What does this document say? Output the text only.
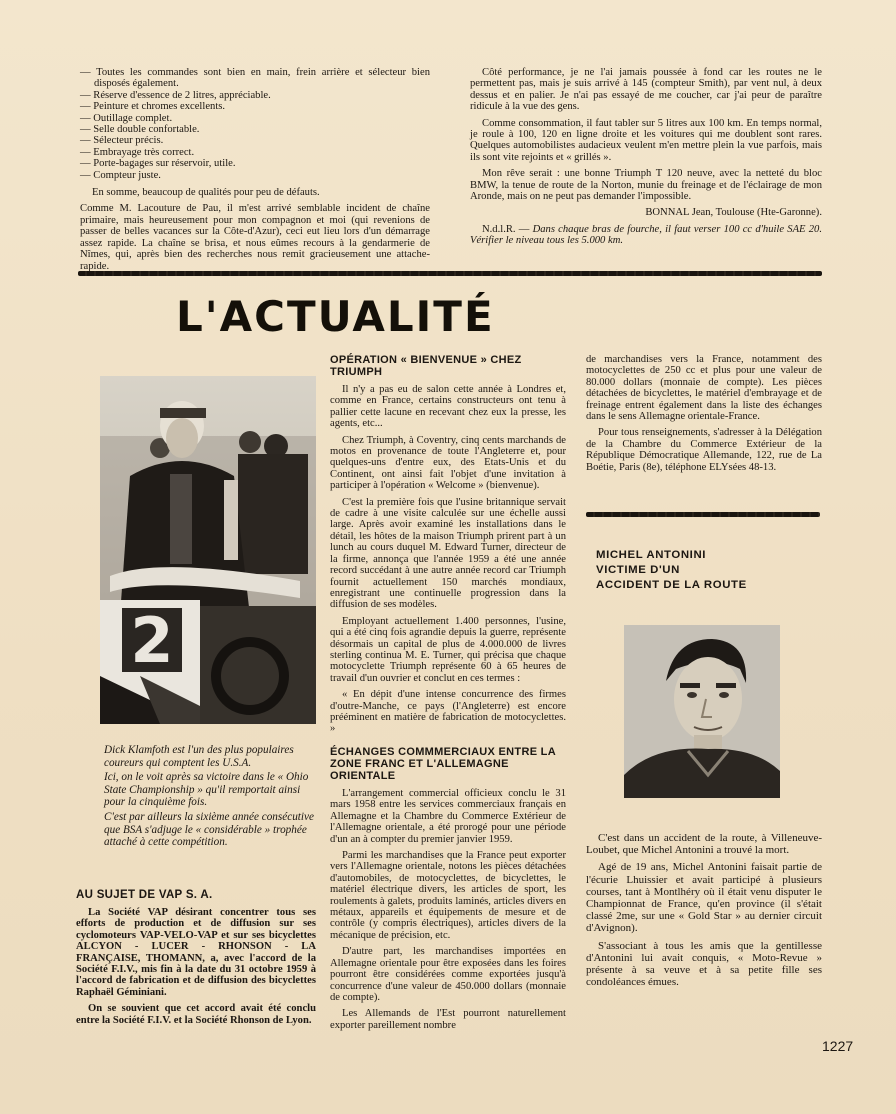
— Toutes les commandes sont bien en main, frein arrière et sélecteur bien disposés également.
— Réserve d'essence de 2 litres, appréciable.
— Peinture et chromes excellents.
— Outillage complet.
— Selle double confortable.
— Sélecteur précis.
— Embrayage très correct.
— Porte-bagages sur réservoir, utile.
— Compteur juste.

En somme, beaucoup de qualités pour peu de défauts.

Comme M. Lacouture de Pau, il m'est arrivé semblable incident de chaîne primaire, mais heureusement pour mon compagnon et moi (qui revenions de passer de belles vacances sur la Côte-d'Azur), ceci eut lieu lors d'un démarrage assez rapide. La chaîne se brisa, et nous eûmes recours à la gendarmerie de Nîmes, qui, après bien des recherches nous remit gracieusement une attache-rapide.

Côté performance, je ne l'ai jamais poussée à fond car les routes ne le permettent pas, mais je suis arrivé à 145 (compteur Smith), par vent nul, à deux dessus et en palier. Je n'ai pas essayé de me coucher, car j'ai peur de paraître ridicule à la vue des gens.

Comme consommation, il faut tabler sur 5 litres aux 100 km. En temps normal, je roule à 100, 120 en ligne droite et les voitures qui me doublent sont rares. Quelques automobilistes audacieux veulent m'en mettre plein la vue parfois, mais ils sont vite rejoints et « grillés ».

Mon rêve serait : une bonne Triumph T 120 neuve, avec la netteté du bloc BMW, la tenue de route de la Norton, munie du freinage et de l'éclairage de mon Aronde, mais on ne peut pas demander l'impossible.

BONNAL Jean, Toulouse (Hte-Garonne).

N.d.l.R. — Dans chaque bras de fourche, il faut verser 100 cc d'huile SAE 20. Vérifier le niveau tous les 5.000 km.

L'ACTUALITÉ
2

Dick Klamfoth est l'un des plus populaires coureurs qui comptent les U.S.A.

Ici, on le voit après sa victoire dans le « Ohio State Championship » qu'il remportait ainsi pour la cinquième fois.

C'est par ailleurs la sixième année consécutive que BSA s'adjuge le « considérable » trophée attaché à cette compétition.

AU SUJET DE VAP S. A.

La Société VAP désirant concentrer tous ses efforts de production et de diffusion sur ses cyclomoteurs VAP-VELO-VAP et sur ses bicyclettes ALCYON - LUCER - RHONSON - LA FRANÇAISE, THOMANN, a, avec l'accord de la Société F.I.V., mis fin à la date du 31 octobre 1959 à l'accord de fabrication et de diffusion des bicyclettes Raphaël Géminiani.

On se souvient que cet accord avait été conclu entre la Société F.I.V. et la Société Rhonson de Lyon.

OPÉRATION « BIENVENUE » CHEZ TRIUMPH

Il n'y a pas eu de salon cette année à Londres et, comme en France, certains constructeurs ont tenu à pallier cette lacune en recevant chez eux la presse, les agents, etc...

Chez Triumph, à Coventry, cinq cents marchands de motos en provenance de toute l'Angleterre et, pour quelques-uns d'entre eux, des Etats-Unis et du Continent, ont ainsi fait l'objet d'une invitation à participer à l'opération « Welcome » (bienvenue).

C'est la première fois que l'usine britannique servait de cadre à une visite calculée sur une échelle aussi large. Après avoir examiné les installations dans le détail, les hôtes de la maison Triumph prirent part à un lunch au cours duquel M. Edward Turner, directeur de la firme, annonça que l'année 1959 a été une année record succédant à une autre année record car Triumph fournit actuellement 150 marchés mondiaux, enregistrant une continuelle progression dans la diffusion de ses modèles.

Employant actuellement 1.400 personnes, l'usine, qui a été cinq fois agrandie depuis la guerre, représente désormais un capital de plus de 4.000.000 de livres sterling continua M. E. Turner, qui précisa que chaque motocyclette Triumph représente 60 à 65 heures de travail d'un ouvrier et conclut en ces termes :

« En dépit d'une intense concurrence des firmes d'outre-Manche, ce pays (l'Angleterre) est encore prééminent en matière de fabrication de motocyclettes. »

ÉCHANGES COMMMERCIAUX ENTRE LA ZONE FRANC ET L'ALLEMAGNE ORIENTALE

L'arrangement commercial officieux conclu le 31 mars 1958 entre les services commerciaux français en Allemagne et la Chambre du Commerce Extérieur de l'Allemagne orientale, a été prorogé pour une période d'un an à compter du premier janvier 1959.

Parmi les marchandises que la France peut exporter vers l'Allemagne orientale, notons les pièces détachées d'automobiles, de motocyclettes, de bicyclettes, le matériel électrique divers, les articles de sport, les roulements à galets, produits laminés, articles divers en métaux, appareils et équipements de mesure et de contrôle (y compris électriques), articles divers de la mécanique de précision, etc.

D'autre part, les marchandises importées en Allemagne orientale pour être exposées dans les foires pourront être considérées comme exportées jusqu'à concurrence d'une valeur de 450.000 dollars (monnaie de compte).

Les Allemands de l'Est pourront naturellement exporter pareillement nombre

de marchandises vers la France, notamment des motocyclettes de 250 cc et plus pour une valeur de 80.000 dollars (monnaie de compte). Les pièces détachées de bicyclettes, le matériel d'embrayage et de freinage entrent également dans la liste des échanges dans le sens Allemagne orientale-France.

Pour tous renseignements, s'adresser à la Délégation de la Chambre du Commerce Extérieur de la République Démocratique Allemande, 122, rue de La Boétie, Paris (8e), téléphone ELYsées 48-13.

MICHEL ANTONINI
VICTIME D'UN
ACCIDENT DE LA ROUTE

C'est dans un accident de la route, à Villeneuve-Loubet, que Michel Antonini a trouvé la mort.

Agé de 19 ans, Michel Antonini faisait partie de l'écurie Lhuissier et avait participé à plusieurs courses, tant à Montlhéry où il était venu disputer le Championnat de France, qu'en province (il s'était classé 2me, sur une « Gold Star » au dernier circuit d'Avignon).

S'associant à tous les amis que la gentillesse d'Antonini lui avait conquis, « Moto-Revue » présente à sa veuve et à sa petite fille ses condoléances émues.

1227
